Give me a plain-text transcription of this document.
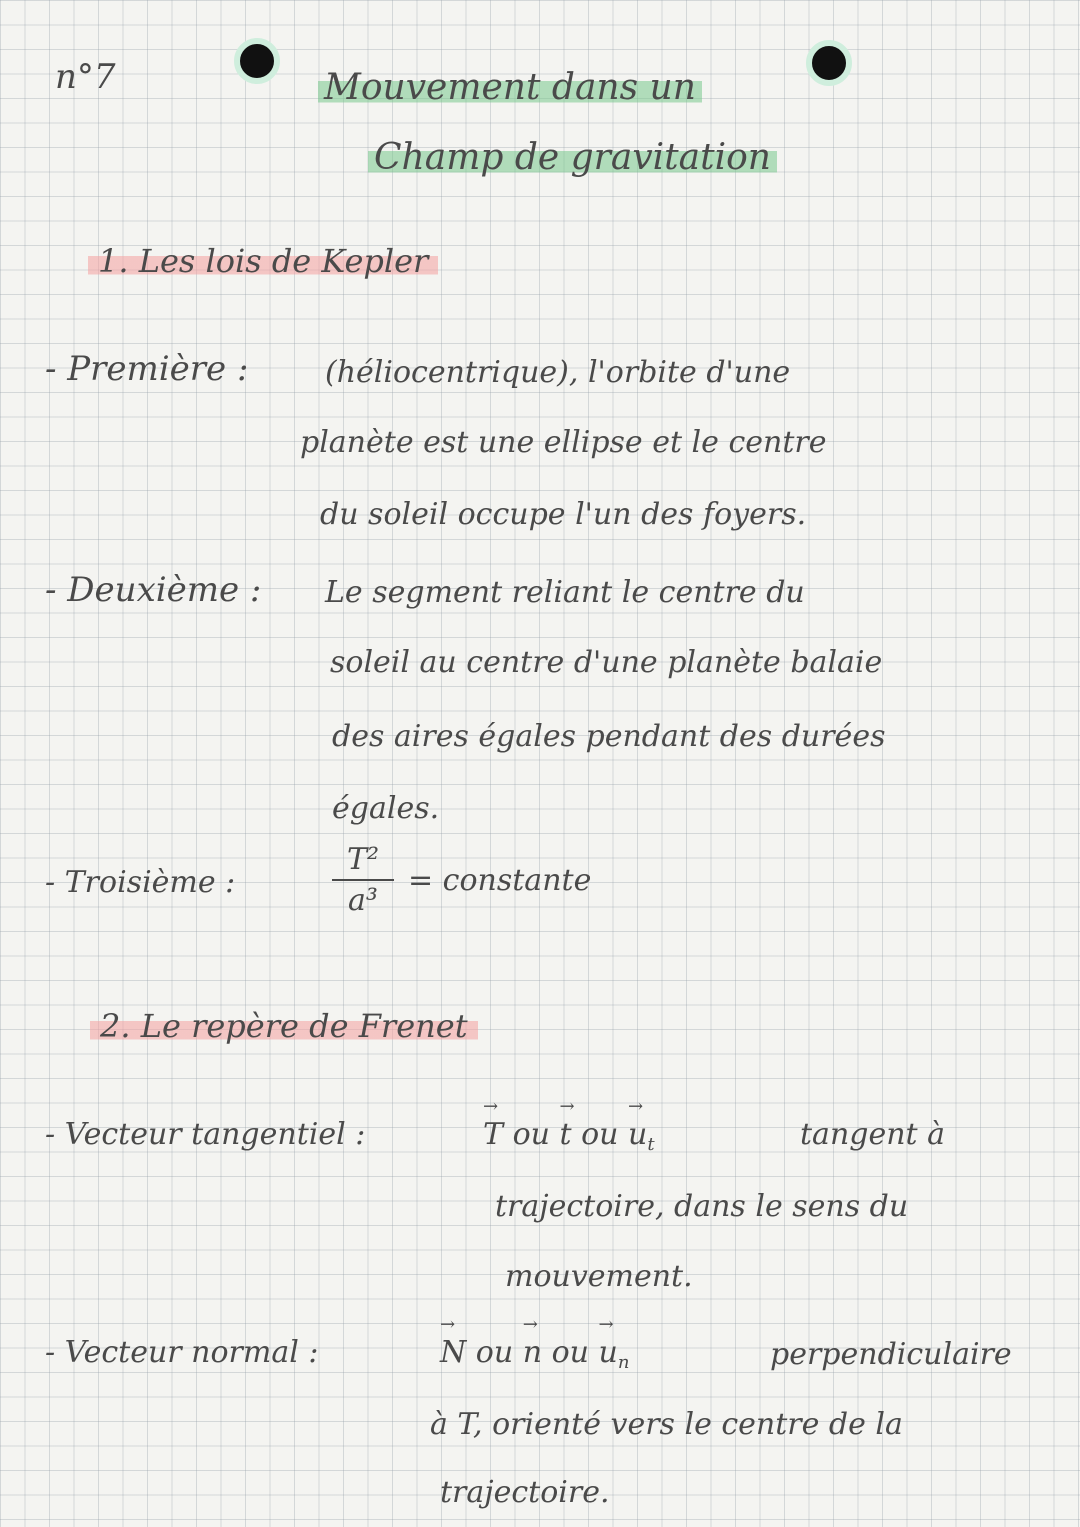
n°7	Mouvement dans un
Champ de gravitation
1. Les lois de Kepler
- Première :	(héliocentrique), l'orbite d'une
planète est une ellipse et le centre
du soleil occupe l'un des foyers.
- Deuxième : Le segment reliant le centre du
soleil au centre d'une planète balaie
des aires égales pendant des durées
égales.
- Troisième :
T²
a³
= constante
2. Le repère de Frenet
- Vecteur tangentiel :	→ T ou → t ou → $u_t$	tangent à
trajectoire, dans le sens du
mouvement.
- Vecteur normal :	→ N ou → n ou → $u_n$	perpendiculaire
à T, orienté vers le centre de la
trajectoire.
